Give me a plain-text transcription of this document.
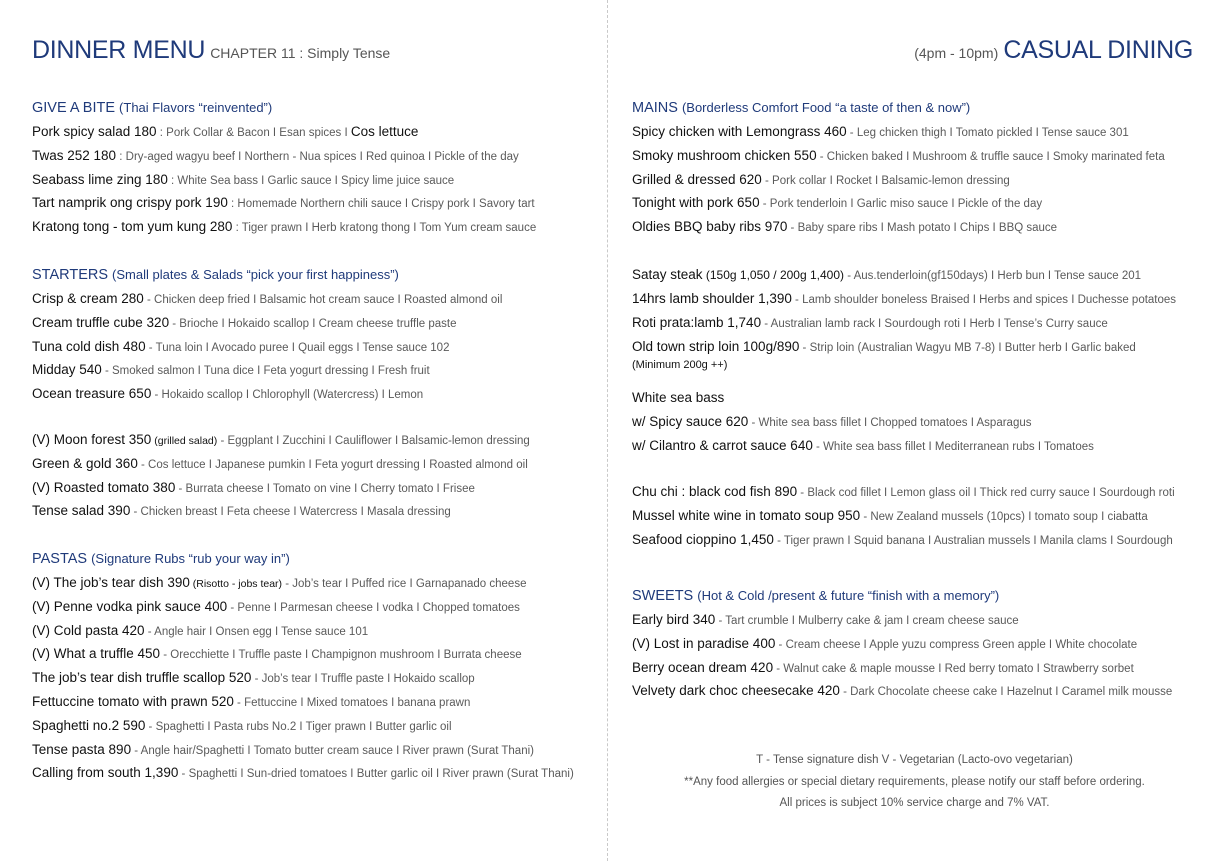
DINNER MENU CHAPTER 11 : Simply Tense
GIVE A BITE (Thai Flavors “reinvented”)
Pork spicy salad 180 : Pork Collar & Bacon I Esan spices I Cos lettuce
Twas 252 180 : Dry-aged wagyu beef I Northern - Nua spices I Red quinoa I Pickle of the day
Seabass lime zing 180 : White Sea bass I Garlic sauce I Spicy lime juice sauce
Tart namprik ong crispy pork 190 : Homemade Northern chili sauce I Crispy pork I Savory tart
Kratong tong - tom yum kung 280 : Tiger prawn I Herb kratong thong I Tom Yum cream sauce
STARTERS (Small plates & Salads “pick your first happiness”)
Crisp & cream 280 - Chicken deep fried I Balsamic hot cream sauce I Roasted almond oil
Cream truffle cube 320 - Brioche I Hokaido scallop I Cream cheese truffle paste
Tuna cold dish 480 - Tuna loin I Avocado puree I Quail eggs I Tense sauce 102
Midday 540 - Smoked salmon I Tuna dice I Feta yogurt dressing I Fresh fruit
Ocean treasure 650 - Hokaido scallop I Chlorophyll (Watercress) I Lemon
(V) Moon forest 350 (grilled salad) - Eggplant I Zucchini I Cauliflower I Balsamic-lemon dressing
Green & gold 360 - Cos lettuce I Japanese pumkin I Feta yogurt dressing I Roasted almond oil
(V) Roasted tomato 380 - Burrata cheese I Tomato on vine I Cherry tomato I Frisee
Tense salad 390 - Chicken breast I Feta cheese I Watercress I Masala dressing
PASTAS (Signature Rubs “rub your way in”)
(V) The job’s tear dish 390 (Risotto - jobs tear) - Job’s tear I Puffed rice I Garnapanado cheese
(V) Penne vodka pink sauce 400 - Penne I Parmesan cheese I vodka I Chopped tomatoes
(V) Cold pasta 420 - Angle hair I Onsen egg I Tense sauce 101
(V) What a truffle 450 - Orecchiette I Truffle paste I Champignon mushroom I Burrata cheese
The job’s tear dish truffle scallop 520 - Job’s tear I Truffle paste I Hokaido scallop
Fettuccine tomato with prawn 520 - Fettuccine I Mixed tomatoes I banana prawn
Spaghetti no.2 590 - Spaghetti I Pasta rubs No.2 I Tiger prawn I Butter garlic oil
Tense pasta 890 - Angle hair/Spaghetti I Tomato butter cream sauce I River prawn (Surat Thani)
Calling from south 1,390 - Spaghetti I Sun-dried tomatoes I Butter garlic oil I River prawn (Surat Thani)
(4pm - 10pm) CASUAL DINING
MAINS (Borderless Comfort Food “a taste of then & now”)
Spicy chicken with Lemongrass 460 - Leg chicken thigh I Tomato pickled I Tense sauce 301
Smoky mushroom chicken 550 - Chicken baked I Mushroom & truffle sauce I Smoky marinated feta
Grilled & dressed 620 - Pork collar I Rocket I Balsamic-lemon dressing
Tonight with pork 650 - Pork tenderloin I Garlic miso sauce I Pickle of the day
Oldies BBQ baby ribs 970 - Baby spare ribs I Mash potato I Chips I BBQ sauce
Satay steak (150g 1,050 / 200g 1,400) - Aus.tenderloin(gf150days) I Herb bun I Tense sauce 201
14hrs lamb shoulder 1,390 - Lamb shoulder boneless Braised I Herbs and spices I Duchesse potatoes
Roti prata:lamb 1,740 - Australian lamb rack I Sourdough roti I Herb I Tense’s Curry sauce
Old town strip loin 100g/890 - Strip loin (Australian Wagyu MB 7-8) I Butter herb I Garlic baked
(Minimum 200g ++)
White sea bass
w/ Spicy sauce 620 - White sea bass fillet I Chopped tomatoes I Asparagus
w/ Cilantro & carrot sauce 640 - White sea bass fillet I Mediterranean rubs I Tomatoes
Chu chi : black cod fish 890 - Black cod fillet I Lemon glass oil I Thick red curry sauce I Sourdough roti
Mussel white wine in tomato soup 950 - New Zealand mussels (10pcs) I tomato soup I ciabatta
Seafood cioppino 1,450 - Tiger prawn I Squid banana I Australian mussels I Manila clams I Sourdough
SWEETS (Hot & Cold /present & future “finish with a memory”)
Early bird 340 - Tart crumble I Mulberry cake & jam I cream cheese sauce
(V) Lost in paradise 400 - Cream cheese I Apple yuzu compress Green apple I White chocolate
Berry ocean dream 420 - Walnut cake & maple mousse I Red berry tomato I Strawberry sorbet
Velvety dark choc cheesecake 420 - Dark Chocolate cheese cake I Hazelnut I Caramel milk mousse
T - Tense signature dish V - Vegetarian (Lacto-ovo vegetarian)
**Any food allergies or special dietary requirements, please notify our staff before ordering.
All prices is subject 10% service charge and 7% VAT.
